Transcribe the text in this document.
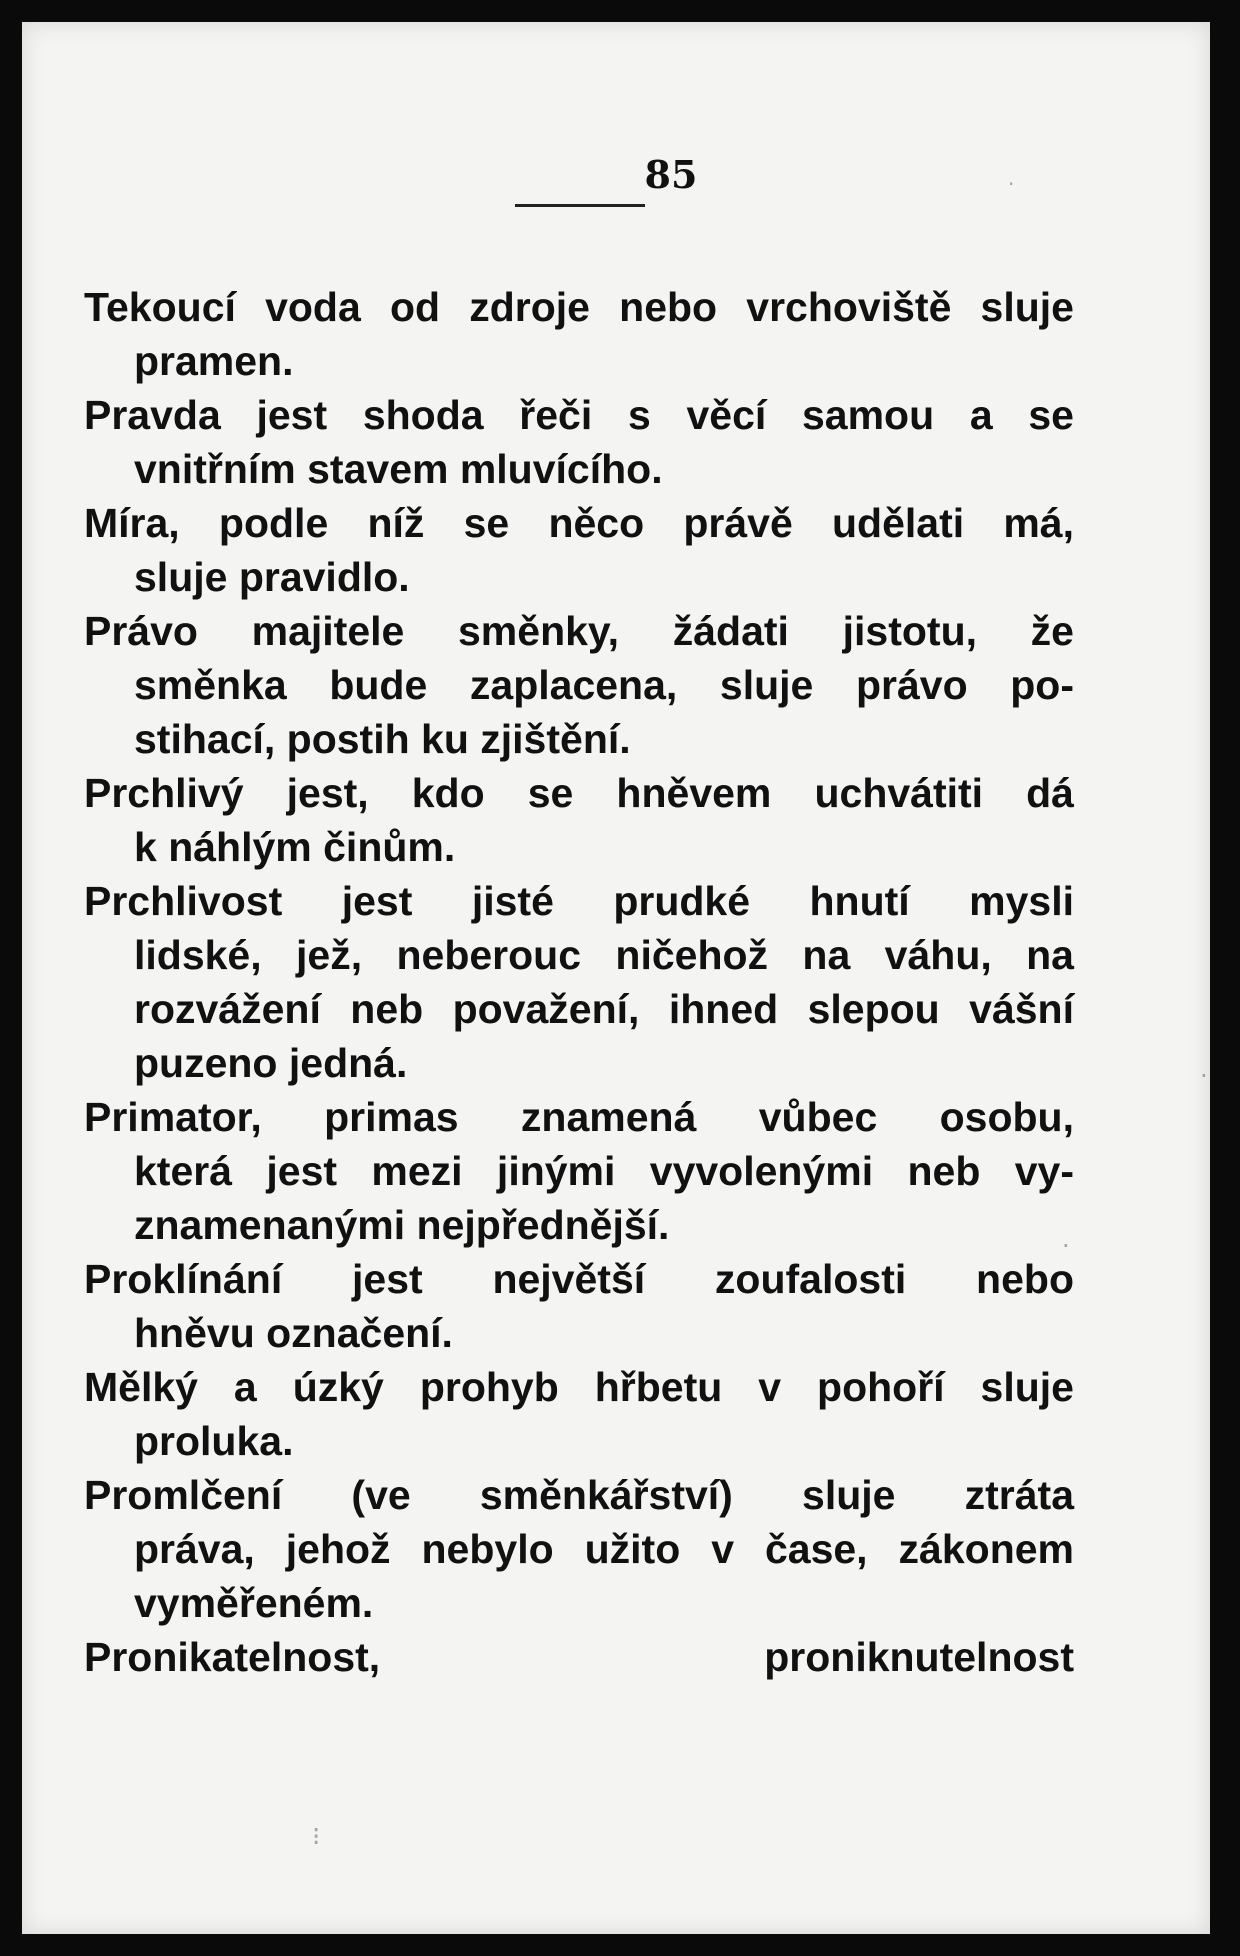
85
Tekoucí voda od zdroje nebo vrchoviště sluje
pramen.
Pravda jest shoda řeči s věcí samou a se
vnitřním stavem mluvícího.
Míra, podle níž se něco právě udělati má,
sluje pravidlo.
Právo majitele směnky, žádati jistotu, že
směnka bude zaplacena, sluje právo po-
stihací, postih ku zjištění.
Prchlivý jest, kdo se hněvem uchvátiti dá
k náhlým činům.
Prchlivost jest jisté prudké hnutí mysli
lidské, jež, neberouc ničehož na váhu, na
rozvážení neb považení, ihned slepou vášní
puzeno jedná.
Primator, primas znamená vůbec osobu,
která jest mezi jinými vyvolenými neb vy-
znamenanými nejpřednější.
Proklínání jest největší zoufalosti nebo
hněvu označení.
Mělký a úzký prohyb hřbetu v pohoří sluje
proluka.
Promlčení (ve směnkářství) sluje ztráta
práva, jehož nebylo užito v čase, zákonem
vyměřeném.
Pronikatelnost, proniknutelnost
·
·
·
⁝
